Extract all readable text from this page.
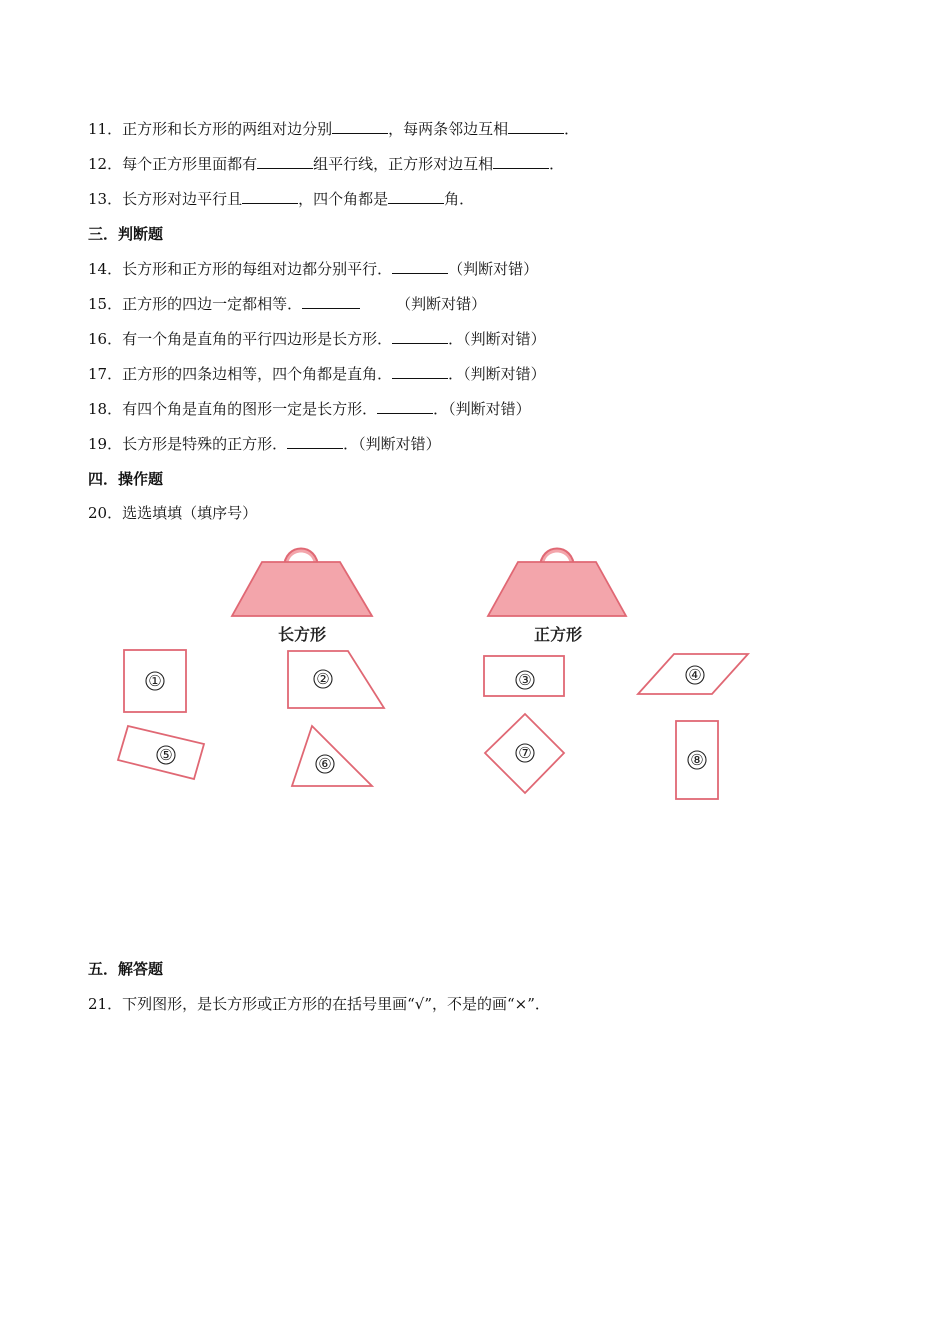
11．正方形和长方形的两组对边分别	，每两条邻边互相	．
12．每个正方形里面都有	组平行线，正方形对边互相	．
13．长方形对边平行且	，四个角都是	角．
三．判断题
14．长方形和正方形的每组对边都分别平行．	（判断对错）
15．正方形的四边一定都相等．	（判断对错）
16．有一个角是直角的平行四边形是长方形．	．（判断对错）
17．正方形的四条边相等，四个角都是直角．	．（判断对错）
18．有四个角是直角的图形一定是长方形．	．（判断对错）
19．长方形是特殊的正方形．	．（判断对错）
四．操作题
20．选选填填（填序号）
长方形	正方形
①	②	③	④
⑤	⑥
⑦	⑧
五．解答题
21．下列图形，是长方形或正方形的在括号里画“√”，不是的画“×”．
